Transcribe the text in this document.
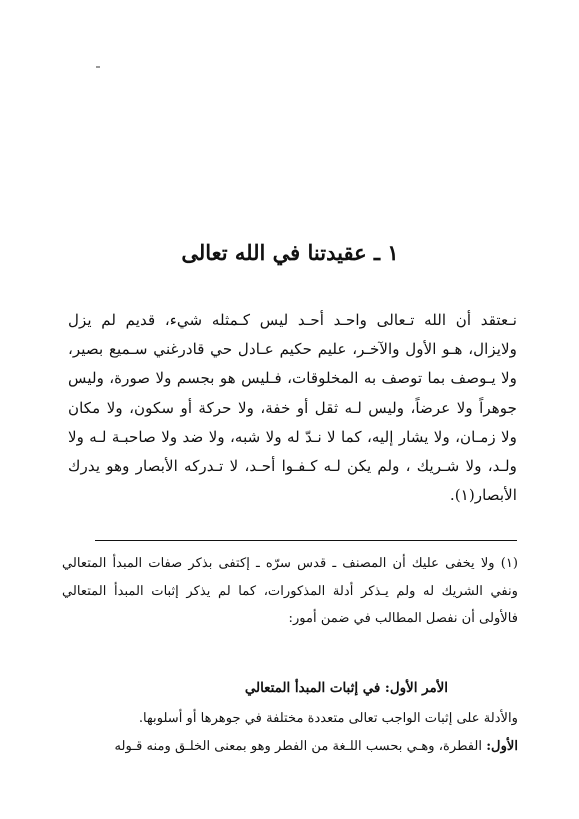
١ ـ عقيدتنا في الله تعالى

نـعتقد أن الله تـعالى واحـد أحـد ليس كـمثله شيء، قديم لم يزل ولايزال، هـو الأول والآخـر، عليم حكيم عـادل حي قادرغني سـميع بصير، ولا يـوصف بما توصف به المخلوقات، فـليس هو بجسم ولا صورة، وليس جوهراً ولا عرضاً، وليس لـه ثقل أو خفة، ولا حركة أو سكون، ولا مكان ولا زمـان، ولا يشار إليه، كما لا نـدّ له ولا شبه، ولا ضد ولا صاحبـة لـه ولا ولـد، ولا شـريك ، ولم يكن لـه كـفـوا أحـد، لا تـدركه الأبصار وهو يدرك الأبصار(١).

(١) ولا يخفى عليك أن المصنف ـ قدس سرّه ـ إكتفى بذكر صفات المبدأ المتعالي ونفي الشريك له ولم يـذكر أدلة المذكورات، كما لم يذكر إثبات المبدأ المتعالي فالأولى أن نفصل المطالب في ضمن أمور:

الأمر الأول: في إثبات المبدأ المتعالي

والأدلة على إثبات الواجب تعالى متعددة مختلفة في جوهرها أو أسلوبها.

الأول: الفطرة، وهـي بحسب اللـغة من الفطر وهو بمعنى الخلـق ومنه قـوله
